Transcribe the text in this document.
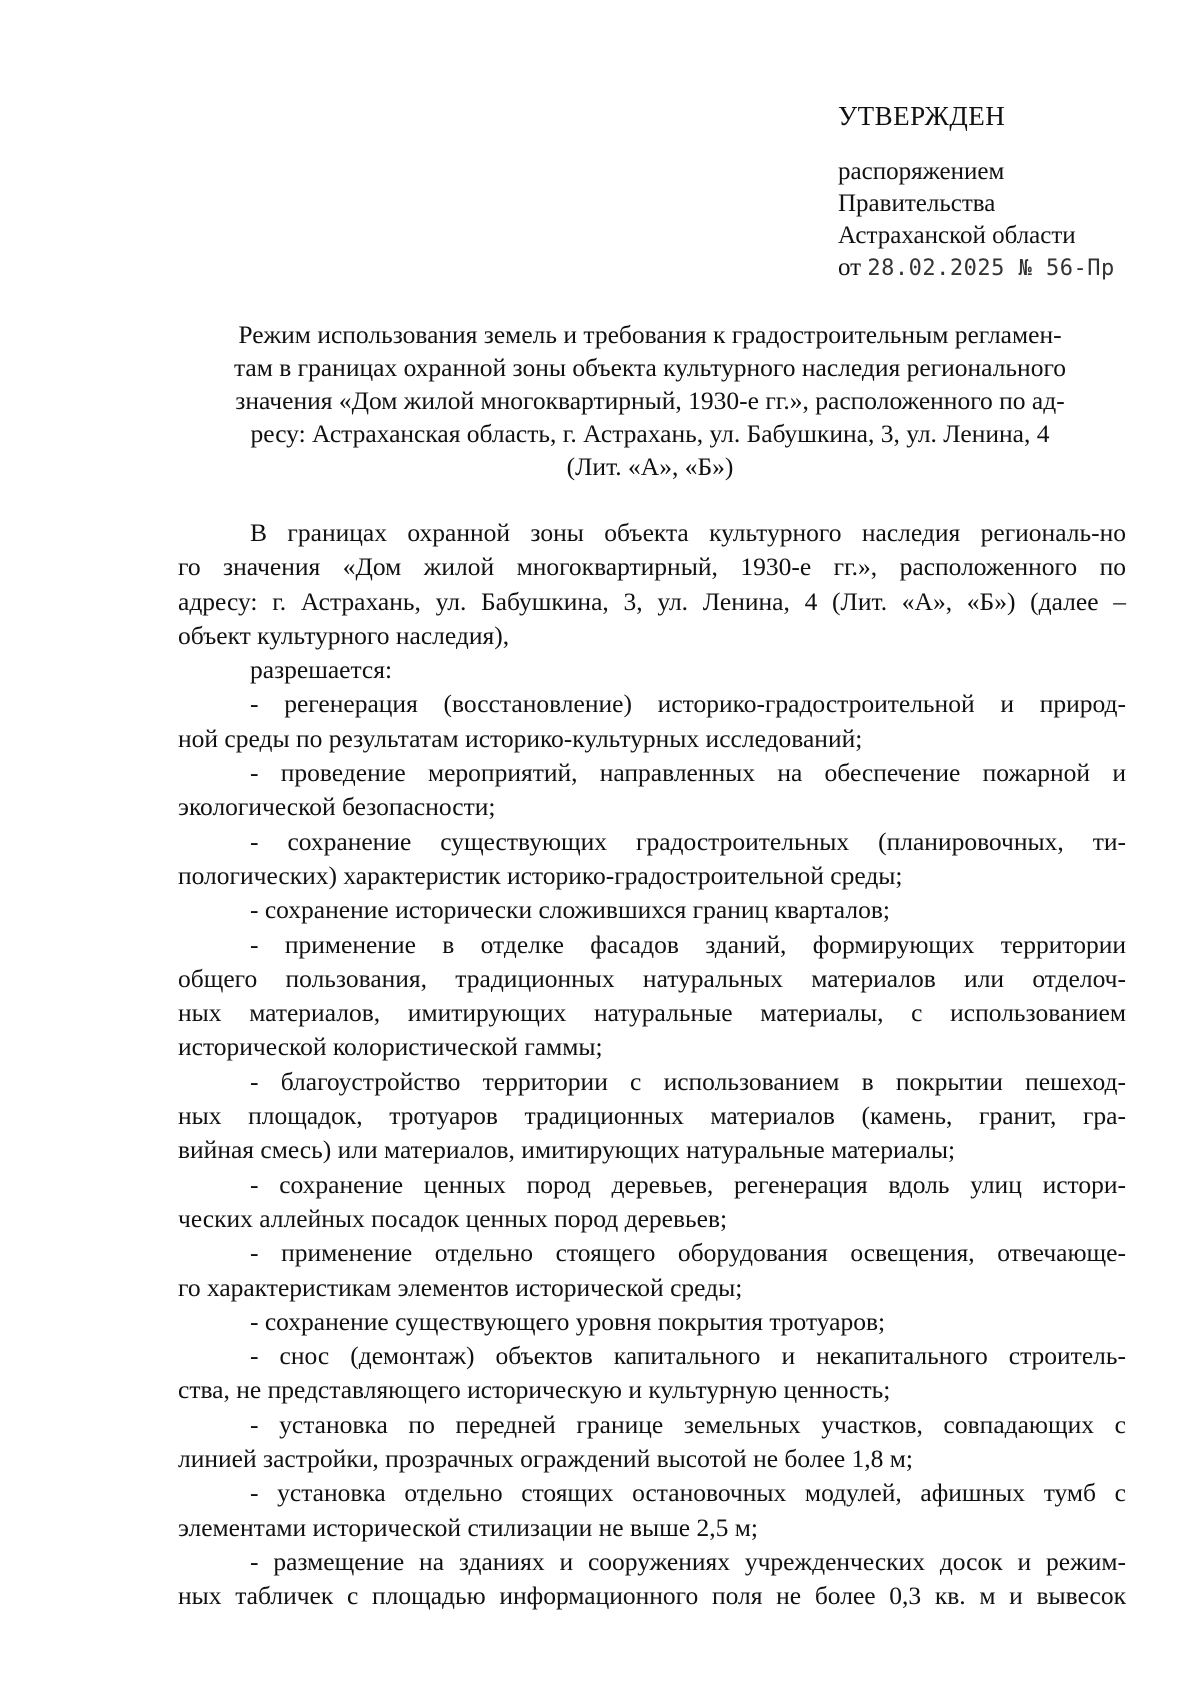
УТВЕРЖДЕН
распоряжением
Правительства
Астраханской области
от 28.02.2025 № 56-Пр
Режим использования земель и требования к градостроительным регламен-
там в границах охранной зоны объекта культурного наследия регионального
значения «Дом жилой многоквартирный, 1930-е гг.», расположенного по ад-
ресу: Астраханская область, г. Астрахань, ул. Бабушкина, 3, ул. Ленина, 4
(Лит. «А», «Б»)
В границах охранной зоны объекта культурного наследия региональ-но
го значения «Дом жилой многоквартирный, 1930-е гг.», расположенного по
адресу: г. Астрахань, ул. Бабушкина, 3, ул. Ленина, 4 (Лит. «А», «Б») (далее –
объект культурного наследия),
разрешается:
- регенерация (восстановление) историко-градостроительной и природ-
ной среды по результатам историко-культурных исследований;
- проведение мероприятий, направленных на обеспечение пожарной и
экологической безопасности;
- сохранение существующих градостроительных (планировочных, ти-
пологических) характеристик историко-градостроительной среды;
- сохранение исторически сложившихся границ кварталов;
- применение в отделке фасадов зданий, формирующих территории
общего пользования, традиционных натуральных материалов или отделоч-
ных материалов, имитирующих натуральные материалы, с использованием
исторической колористической гаммы;
- благоустройство территории с использованием в покрытии пешеход-
ных площадок, тротуаров традиционных материалов (камень, гранит, гра-
вийная смесь) или материалов, имитирующих натуральные материалы;
- сохранение ценных пород деревьев, регенерация вдоль улиц истори-
ческих аллейных посадок ценных пород деревьев;
- применение отдельно стоящего оборудования освещения, отвечающе-
го характеристикам элементов исторической среды;
- сохранение существующего уровня покрытия тротуаров;
- снос (демонтаж) объектов капитального и некапитального строитель-
ства, не представляющего историческую и культурную ценность;
- установка по передней границе земельных участков, совпадающих с
линией застройки, прозрачных ограждений высотой не более 1,8 м;
- установка отдельно стоящих остановочных модулей, афишных тумб с
элементами исторической стилизации не выше 2,5 м;
- размещение на зданиях и сооружениях учрежденческих досок и режим-
ных табличек с площадью информационного поля не более 0,3 кв. м и вывесок
